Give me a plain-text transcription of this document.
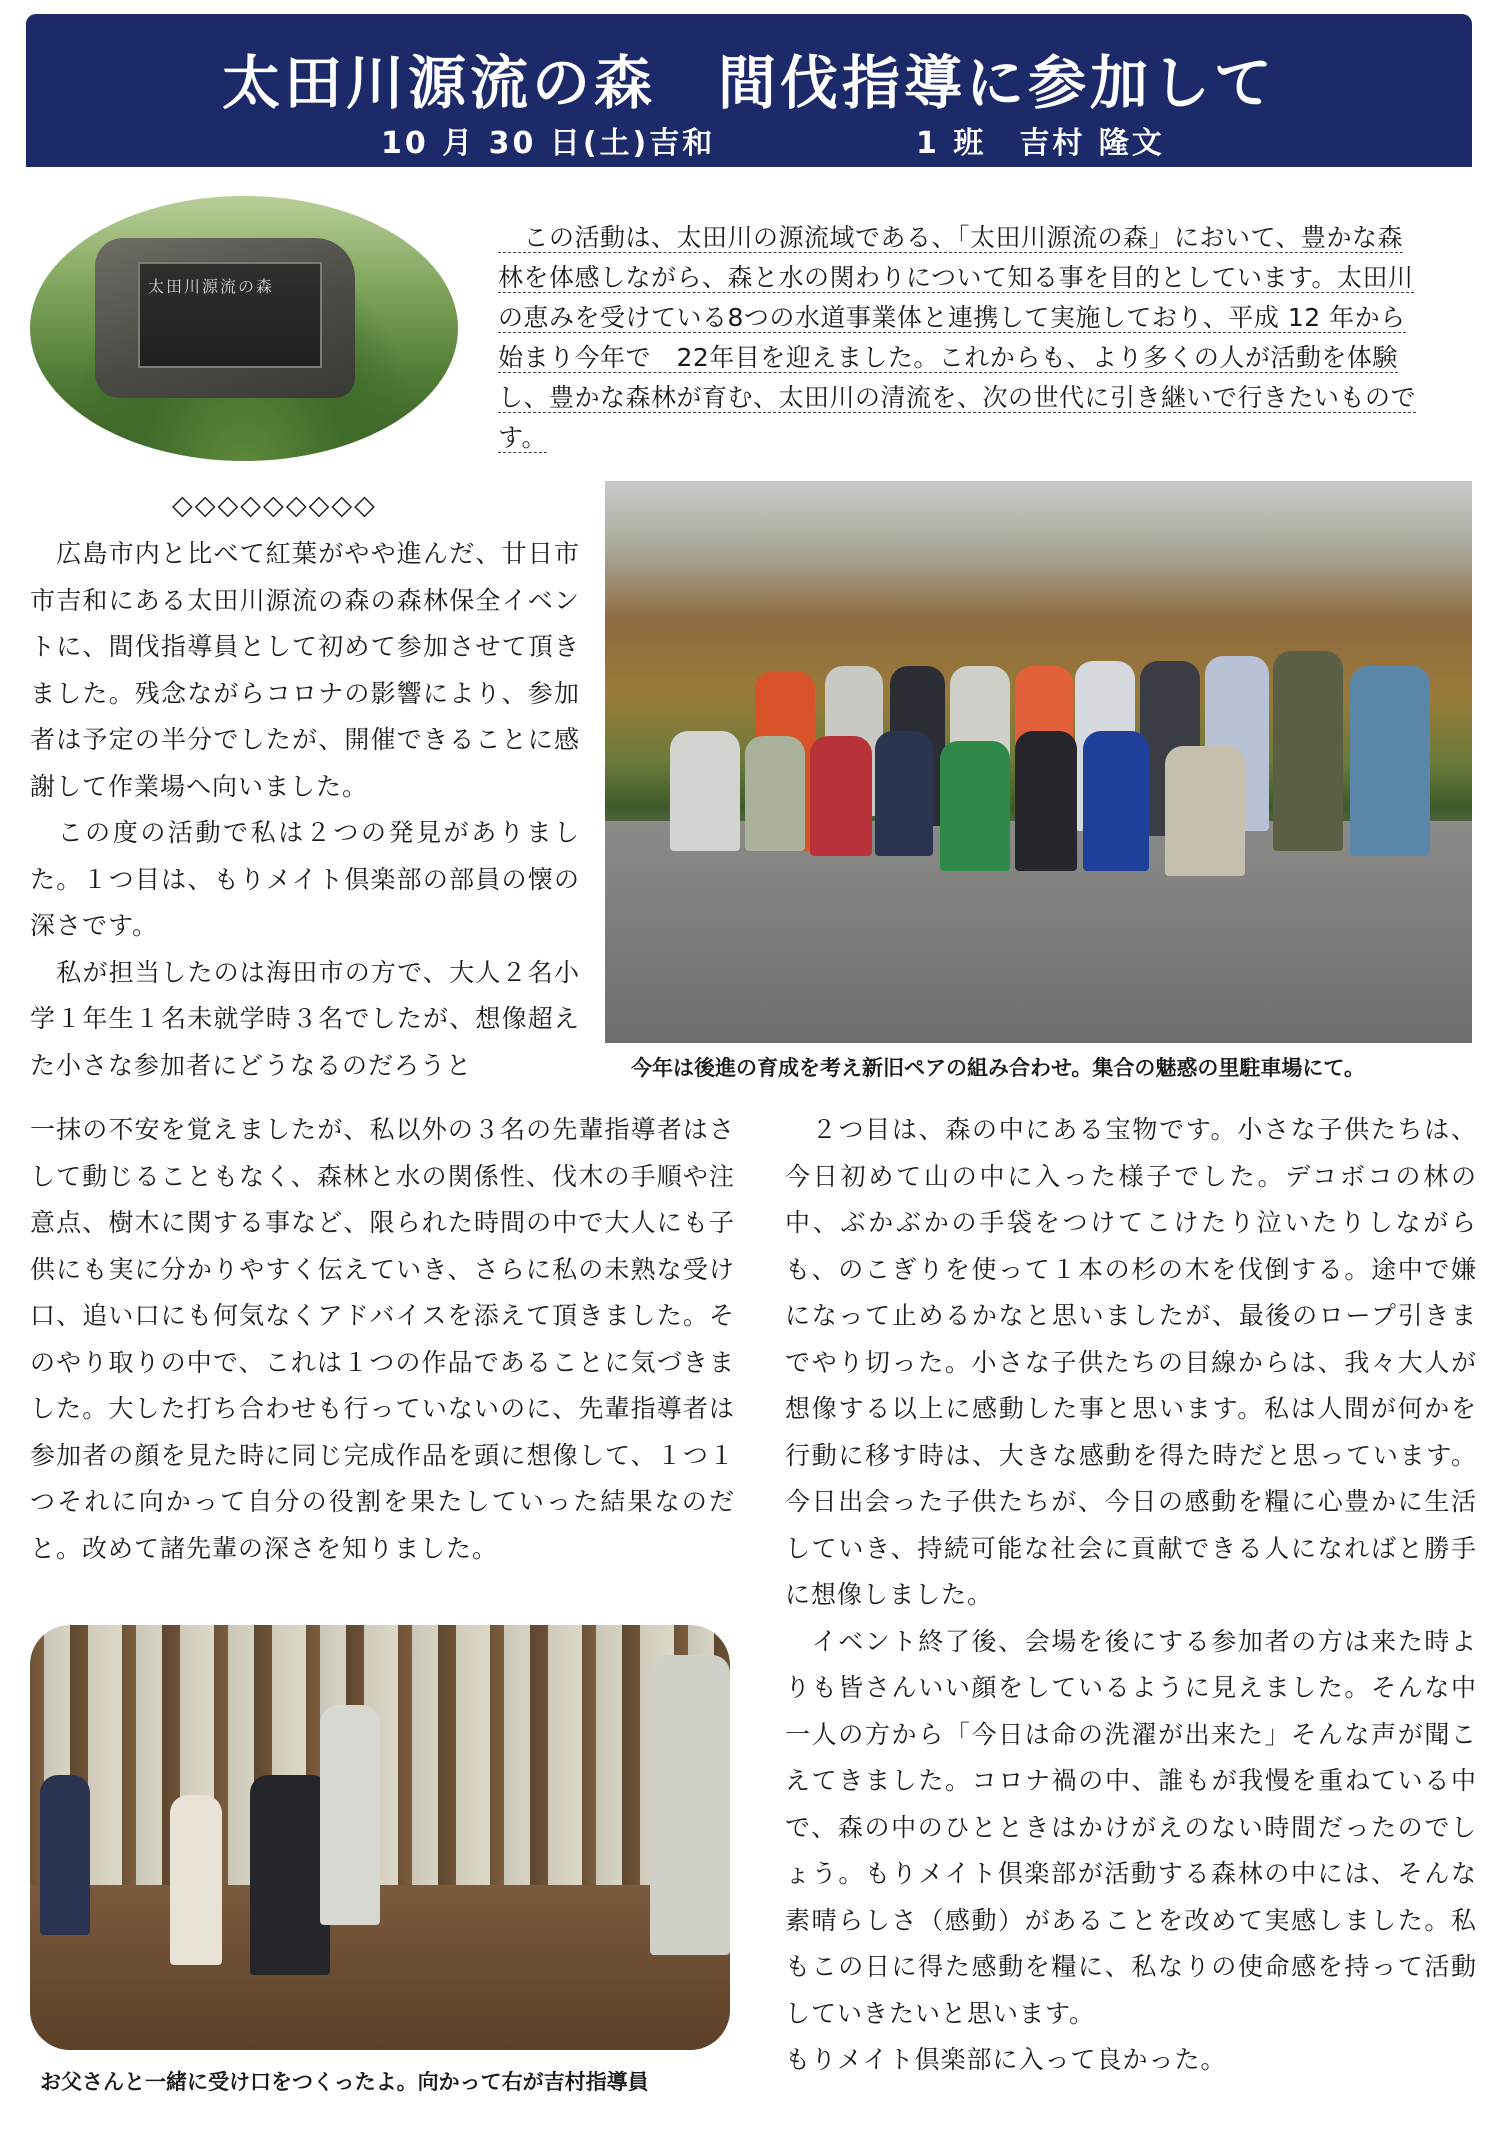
太田川源流の森　間伐指導に参加して
10 月 30 日(土)吉和	1 班　吉村 隆文
太田川源流の森
　この活動は、太田川の源流域である、「太田川源流の森」において、豊かな森林を体感しながら、森と水の関わりについて知る事を目的としています。太田川の恵みを受けている8つの水道事業体と連携して実施しており、平成 12 年から始まり今年で　22年目を迎えました。これからも、より多くの人が活動を体験し、豊かな森林が育む、太田川の清流を、次の世代に引き継いで行きたいものです。
◇◇◇◇◇◇◇◇◇

　広島市内と比べて紅葉がやや進んだ、廿日市市吉和にある太田川源流の森の森林保全イベントに、間伐指導員として初めて参加させて頂きました。残念ながらコロナの影響により、参加者は予定の半分でしたが、開催できることに感謝して作業場へ向いました。

　この度の活動で私は２つの発見がありました。１つ目は、もりメイト倶楽部の部員の懐の深さです。

　私が担当したのは海田市の方で、大人２名小学１年生１名未就学時３名でしたが、想像超えた小さな参加者にどうなるのだろうと	今年は後進の育成を考え新旧ペアの組み合わせ。集合の魅惑の里駐車場にて。

一抹の不安を覚えましたが、私以外の３名の先輩指導者はさして動じることもなく、森林と水の関係性、伐木の手順や注意点、樹木に関する事など、限られた時間の中で大人にも子供にも実に分かりやすく伝えていき、さらに私の未熟な受け口、追い口にも何気なくアドバイスを添えて頂きました。そのやり取りの中で、これは１つの作品であることに気づきました。大した打ち合わせも行っていないのに、先輩指導者は参加者の顔を見た時に同じ完成作品を頭に想像して、１つ１つそれに向かって自分の役割を果たしていった結果なのだと。改めて諸先輩の深さを知りました。

　２つ目は、森の中にある宝物です。小さな子供たちは、今日初めて山の中に入った様子でした。デコボコの林の中、ぶかぶかの手袋をつけてこけたり泣いたりしながらも、のこぎりを使って１本の杉の木を伐倒する。途中で嫌になって止めるかなと思いましたが、最後のロープ引きまでやり切った。小さな子供たちの目線からは、我々大人が想像する以上に感動した事と思います。私は人間が何かを行動に移す時は、大きな感動を得た時だと思っています。今日出会った子供たちが、今日の感動を糧に心豊かに生活していき、持続可能な社会に貢献できる人になればと勝手に想像しました。

　イベント終了後、会場を後にする参加者の方は来た時よりも皆さんいい顔をしているように見えました。そんな中一人の方から「今日は命の洗濯が出来た」そんな声が聞こえてきました。コロナ禍の中、誰もが我慢を重ねている中で、森の中のひとときはかけがえのない時間だったのでしょう。もりメイト倶楽部が活動する森林の中には、そんな素晴らしさ（感動）があることを改めて実感しました。私もこの日に得た感動を糧に、私なりの使命感を持って活動していきたいと思います。

もりメイト倶楽部に入って良かった。

お父さんと一緒に受け口をつくったよ。向かって右が吉村指導員
